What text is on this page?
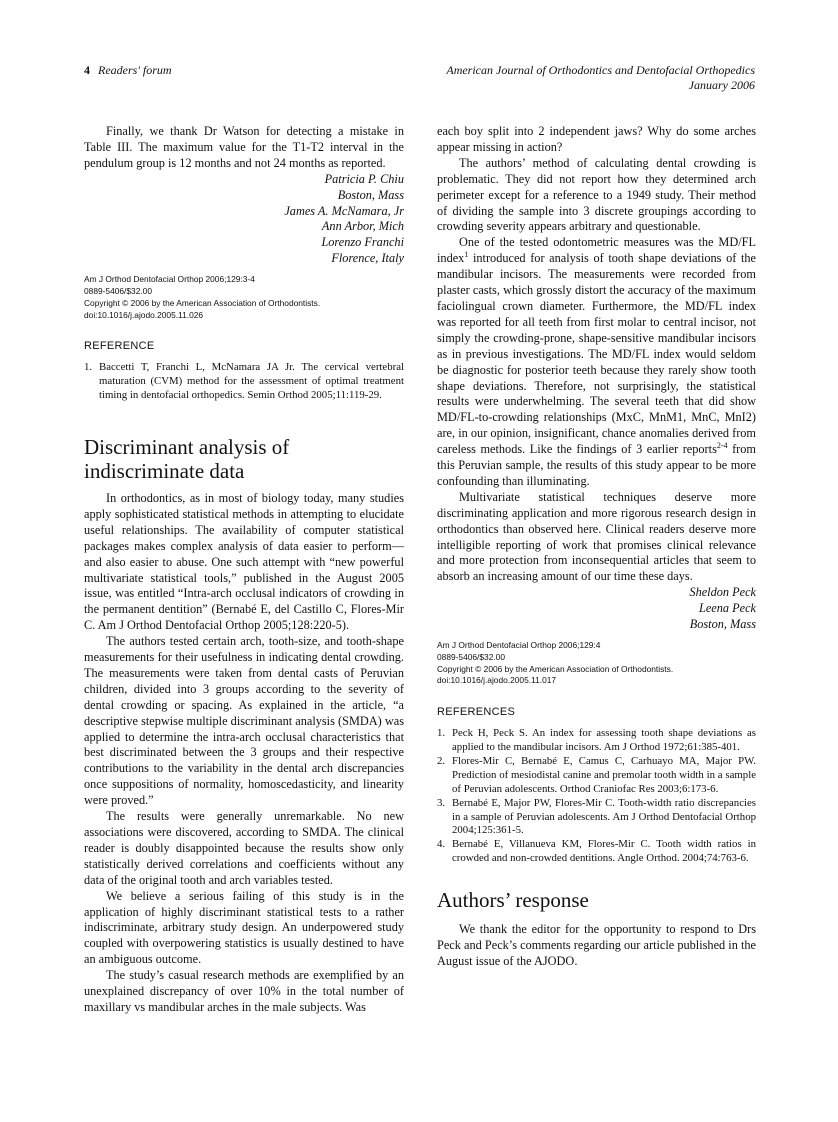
4 Readers' forum	American Journal of Orthodontics and Dentofacial Orthopedics
January 2006

Finally, we thank Dr Watson for detecting a mistake in Table III. The maximum value for the T1-T2 interval in the pendulum group is 12 months and not 24 months as reported.

Patricia P. Chiu

Boston, Mass

James A. McNamara, Jr

Ann Arbor, Mich

Lorenzo Franchi

Florence, Italy

Am J Orthod Dentofacial Orthop 2006;129:3-4

0889-5406/$32.00

Copyright © 2006 by the American Association of Orthodontists.

doi:10.1016/j.ajodo.2005.11.026

REFERENCE

1. Baccetti T, Franchi L, McNamara JA Jr. The cervical vertebral maturation (CVM) method for the assessment of optimal treatment timing in dentofacial orthopedics. Semin Orthod 2005;11:119-29.
Discriminant analysis of
indiscriminate data

In orthodontics, as in most of biology today, many studies apply sophisticated statistical methods in attempting to elucidate useful relationships. The availability of computer statistical packages makes complex analysis of data easier to perform—and also easier to abuse. One such attempt with “new powerful multivariate statistical tools,” published in the August 2005 issue, was entitled “Intra-arch occlusal indicators of crowding in the permanent dentition” (Bernabé E, del Castillo C, Flores-Mir C. Am J Orthod Dentofacial Orthop 2005;128:220-5).

The authors tested certain arch, tooth-size, and tooth-shape measurements for their usefulness in indicating dental crowding. The measurements were taken from dental casts of Peruvian children, divided into 3 groups according to the severity of dental crowding or spacing. As explained in the article, “a descriptive stepwise multiple discriminant analysis (SMDA) was applied to determine the intra-arch occlusal characteristics that best discriminated between the 3 groups and their respective contributions to the variability in the dental arch discrepancies once suppositions of normality, homoscedasticity, and linearity were proved.”

The results were generally unremarkable. No new associations were discovered, according to SMDA. The clinical reader is doubly disappointed because the results show only statistically derived correlations and coefficients without any data of the original tooth and arch variables tested.

We believe a serious failing of this study is in the application of highly discriminant statistical tests to a rather indiscriminate, arbitrary study design. An underpowered study coupled with overpowering statistics is usually destined to have an ambiguous outcome.

The study’s casual research methods are exemplified by an unexplained discrepancy of over 10% in the total number of maxillary vs mandibular arches in the male subjects. Was

each boy split into 2 independent jaws? Why do some arches appear missing in action?

The authors’ method of calculating dental crowding is problematic. They did not report how they determined arch perimeter except for a reference to a 1949 study. Their method of dividing the sample into 3 discrete groupings according to crowding severity appears arbitrary and questionable.

One of the tested odontometric measures was the MD/FL index$^1$ introduced for analysis of tooth shape deviations of the mandibular incisors. The measurements were recorded from plaster casts, which grossly distort the accuracy of the maximum faciolingual crown diameter. Furthermore, the MD/FL index was reported for all teeth from first molar to central incisor, not simply the crowding-prone, shape-sensitive mandibular incisors as in previous investigations. The MD/FL index would seldom be diagnostic for posterior teeth because they rarely show tooth shape deviations. Therefore, not surprisingly, the statistical results were underwhelming. The several teeth that did show MD/FL-to-crowding relationships (MxC, MnM1, MnC, MnI2) are, in our opinion, insignificant, chance anomalies derived from careless methods. Like the findings of 3 earlier reports$^{2-4}$ from this Peruvian sample, the results of this study appear to be more confounding than illuminating.

Multivariate statistical techniques deserve more discriminating application and more rigorous research design in orthodontics than observed here. Clinical readers deserve more intelligible reporting of work that promises clinical relevance and more protection from inconsequential articles that seem to absorb an increasing amount of our time these days.

Sheldon Peck

Leena Peck

Boston, Mass

Am J Orthod Dentofacial Orthop 2006;129:4

0889-5406/$32.00

Copyright © 2006 by the American Association of Orthodontists.

doi:10.1016/j.ajodo.2005.11.017

REFERENCES

1. Peck H, Peck S. An index for assessing tooth shape deviations as applied to the mandibular incisors. Am J Orthod 1972;61:385-401.
2. Flores-Mir C, Bernabé E, Camus C, Carhuayo MA, Major PW. Prediction of mesiodistal canine and premolar tooth width in a sample of Peruvian adolescents. Orthod Craniofac Res 2003;6:173-6.
3. Bernabé E, Major PW, Flores-Mir C. Tooth-width ratio discrepancies in a sample of Peruvian adolescents. Am J Orthod Dentofacial Orthop 2004;125:361-5.
4. Bernabé E, Villanueva KM, Flores-Mir C. Tooth width ratios in crowded and non-crowded dentitions. Angle Orthod. 2004;74:763-6.
Authors’ response

We thank the editor for the opportunity to respond to Drs Peck and Peck’s comments regarding our article published in the August issue of the AJODO.
